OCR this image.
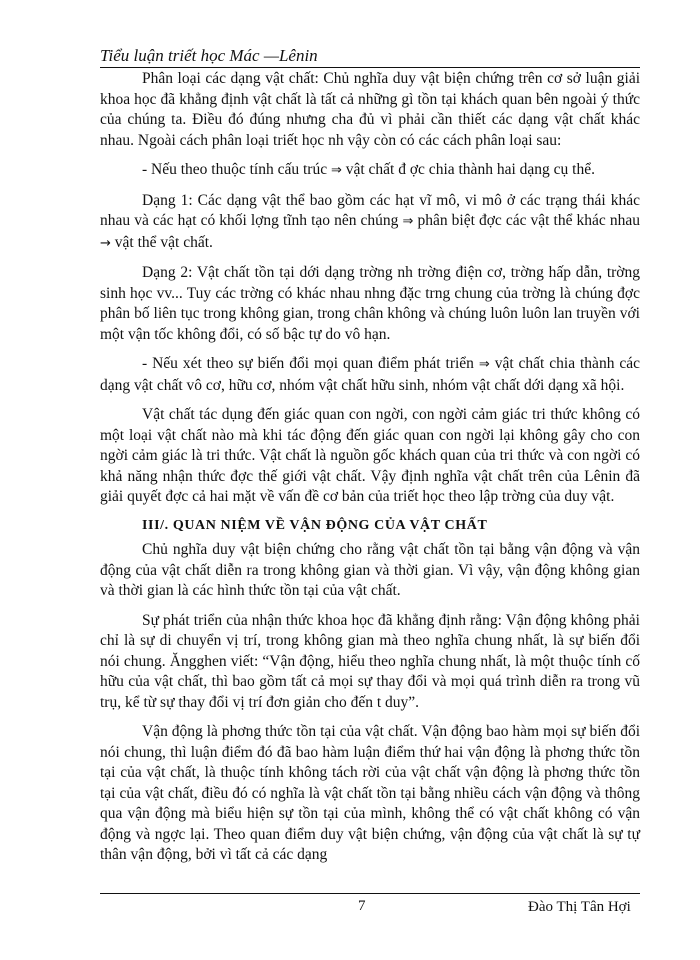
Tiểu luận triết học Mác —Lênin

Phân loại các dạng vật chất: Chủ nghĩa duy vật biện chứng trên cơ sở luận giải khoa học đã khẳng định vật chất là tất cả những gì tồn tại khách quan bên ngoài ý thức của chúng ta. Điều đó đúng nhưng cha đủ vì phải cần thiết các dạng vật chất khác nhau. Ngoài cách phân loại triết học nh vậy còn có các cách phân loại sau:

- Nếu theo thuộc tính cấu trúc ⇒ vật chất đ ợc chia thành hai dạng cụ thể.

Dạng 1: Các dạng vật thể bao gồm các hạt vĩ mô, vi mô ở các trạng thái khác nhau và các hạt có khối lợng tĩnh tạo nên chúng ⇒ phân biệt đợc các vật thể khác nhau → vật thể vật chất.

Dạng 2: Vật chất tồn tại dới dạng trờng nh trờng điện cơ, trờng hấp dẫn, trờng sinh học vv... Tuy các trờng có khác nhau nhng đặc trng chung của trờng là chúng đợc phân bố liên tục trong không gian, trong chân không và chúng luôn luôn lan truyền với một vận tốc không đổi, có số bậc tự do vô hạn.

- Nếu xét theo sự biến đổi mọi quan điểm phát triển ⇒ vật chất chia thành các dạng vật chất vô cơ, hữu cơ, nhóm vật chất hữu sinh, nhóm vật chất dới dạng xã hội.

Vật chất tác dụng đến giác quan con ngời, con ngời cảm giác tri thức không có một loại vật chất nào mà khi tác động đến giác quan con ngời lại không gây cho con ngời cảm giác là tri thức. Vật chất là nguồn gốc khách quan của tri thức và con ngời có khả năng nhận thức đợc thế giới vật chất. Vậy định nghĩa vật chất trên của Lênin đã giải quyết đợc cả hai mặt về vấn đề cơ bản của triết học theo lập trờng của duy vật.

III/. QUAN NIỆM VỀ VẬN ĐỘNG CỦA VẬT CHẤT

Chủ nghĩa duy vật biện chứng cho rằng vật chất tồn tại bằng vận động và vận động của vật chất diễn ra trong không gian và thời gian. Vì vậy, vận động không gian và thời gian là các hình thức tồn tại của vật chất.

Sự phát triển của nhận thức khoa học đã khẳng định rằng: Vận động không phải chỉ là sự di chuyển vị trí, trong không gian mà theo nghĩa chung nhất, là sự biến đổi nói chung. Ăngghen viết: “Vận động, hiểu theo nghĩa chung nhất, là một thuộc tính cố hữu của vật chất, thì bao gồm tất cả mọi sự thay đổi và mọi quá trình diễn ra trong vũ trụ, kể từ sự thay đổi vị trí đơn giản cho đến t duy”.

Vận động là phơng thức tồn tại của vật chất. Vận động bao hàm mọi sự biến đổi nói chung, thì luận điểm đó đã bao hàm luận điểm thứ hai vận động là phơng thức tồn tại của vật chất, là thuộc tính không tách rời của vật chất vận động là phơng thức tồn tại của vật chất, điều đó có nghĩa là vật chất tồn tại bằng nhiều cách vận động và thông qua vận động mà biểu hiện sự tồn tại của mình, không thể có vật chất không có vận động và ngợc lại. Theo quan điểm duy vật biện chứng, vận động của vật chất là sự tự thân vận động, bởi vì tất cả các dạng

7	Đào Thị Tân Hợi
